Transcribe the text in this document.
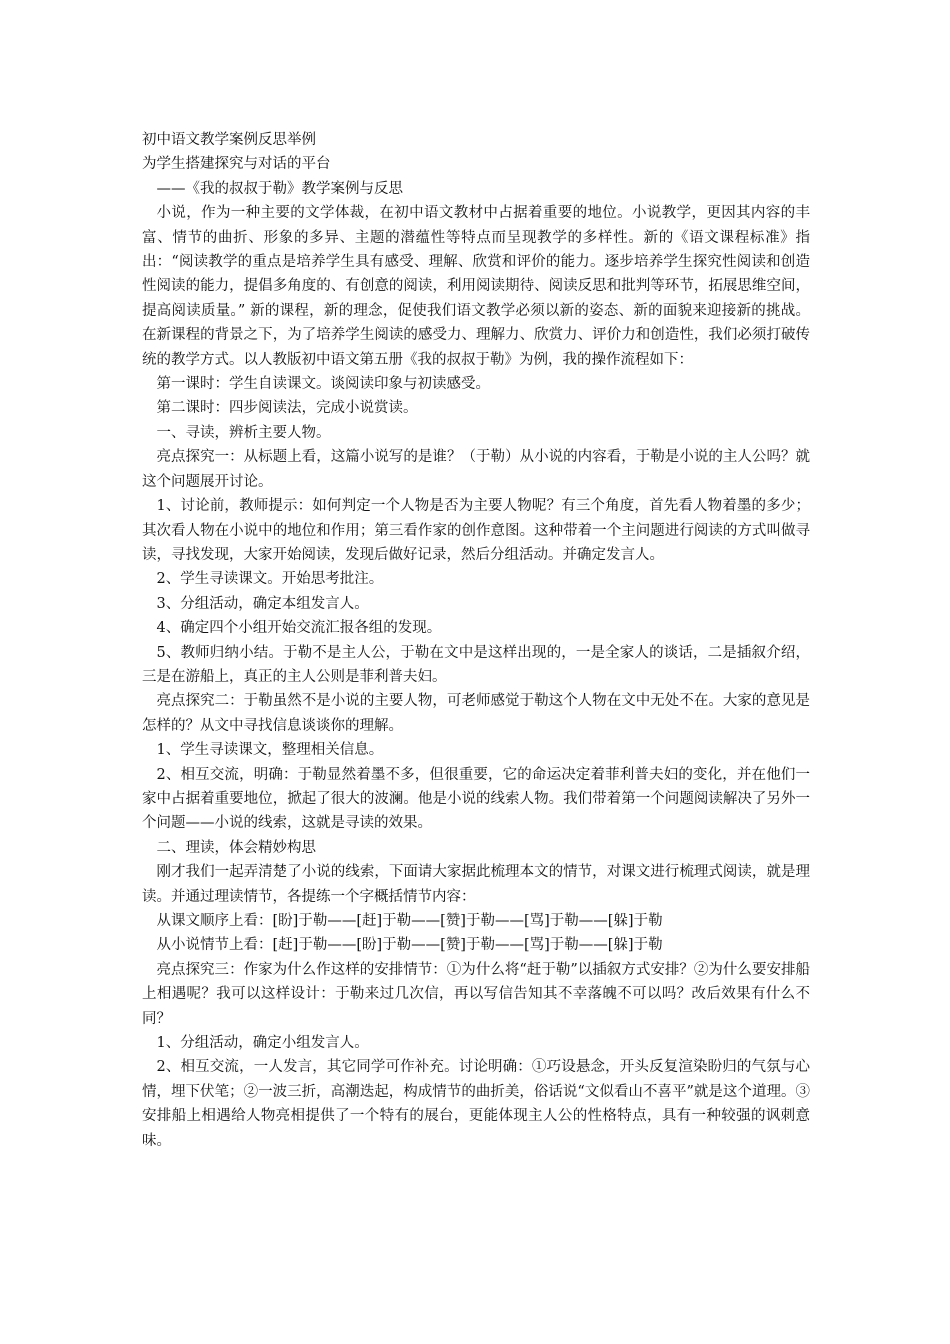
初中语文教学案例反思举例

为学生搭建探究与对话的平台

——《我的叔叔于勒》教学案例与反思

小说，作为一种主要的文学体裁，在初中语文教材中占据着重要的地位。小说教学，更因其内容的丰富、情节的曲折、形象的多异、主题的潜蕴性等特点而呈现教学的多样性。新的《语文课程标准》指出：“阅读教学的重点是培养学生具有感受、理解、欣赏和评价的能力。逐步培养学生探究性阅读和创造性阅读的能力，提倡多角度的、有创意的阅读，利用阅读期待、阅读反思和批判等环节，拓展思维空间，提高阅读质量。” 新的课程，新的理念，促使我们语文教学必须以新的姿态、新的面貌来迎接新的挑战。在新课程的背景之下，为了培养学生阅读的感受力、理解力、欣赏力、评价力和创造性，我们必须打破传统的教学方式。以人教版初中语文第五册《我的叔叔于勒》为例，我的操作流程如下：

第一课时：学生自读课文。谈阅读印象与初读感受。

第二课时：四步阅读法，完成小说赏读。

一、寻读，辨析主要人物。

亮点探究一：从标题上看，这篇小说写的是谁？（于勒）从小说的内容看，于勒是小说的主人公吗？就这个问题展开讨论。

1、讨论前，教师提示：如何判定一个人物是否为主要人物呢？有三个角度，首先看人物着墨的多少；其次看人物在小说中的地位和作用；第三看作家的创作意图。这种带着一个主问题进行阅读的方式叫做寻读，寻找发现，大家开始阅读，发现后做好记录，然后分组活动。并确定发言人。

2、学生寻读课文。开始思考批注。

3、分组活动，确定本组发言人。

4、确定四个小组开始交流汇报各组的发现。

5、教师归纳小结。于勒不是主人公，于勒在文中是这样出现的，一是全家人的谈话，二是插叙介绍，三是在游船上，真正的主人公则是菲利普夫妇。

亮点探究二：于勒虽然不是小说的主要人物，可老师感觉于勒这个人物在文中无处不在。大家的意见是怎样的？从文中寻找信息谈谈你的理解。

1、学生寻读课文，整理相关信息。

2、相互交流，明确：于勒显然着墨不多，但很重要，它的命运决定着菲利普夫妇的变化，并在他们一家中占据着重要地位，掀起了很大的波澜。他是小说的线索人物。我们带着第一个问题阅读解决了另外一个问题——小说的线索，这就是寻读的效果。

二、理读，体会精妙构思

刚才我们一起弄清楚了小说的线索，下面请大家据此梳理本文的情节，对课文进行梳理式阅读，就是理读。并通过理读情节，各提练一个字概括情节内容：

从课文顺序上看：[盼]于勒——[赶]于勒——[赞]于勒——[骂]于勒——[躲]于勒

从小说情节上看：[赶]于勒——[盼]于勒——[赞]于勒——[骂]于勒——[躲]于勒

亮点探究三：作家为什么作这样的安排情节：①为什么将“赶于勒”以插叙方式安排？②为什么要安排船上相遇呢？我可以这样设计：于勒来过几次信，再以写信告知其不幸落魄不可以吗？改后效果有什么不同？

1、分组活动，确定小组发言人。

2、相互交流，一人发言，其它同学可作补充。讨论明确：①巧设悬念，开头反复渲染盼归的气氛与心情，埋下伏笔；②一波三折，高潮迭起，构成情节的曲折美，俗话说“文似看山不喜平”就是这个道理。③安排船上相遇给人物亮相提供了一个特有的展台，更能体现主人公的性格特点，具有一种较强的讽刺意味。
